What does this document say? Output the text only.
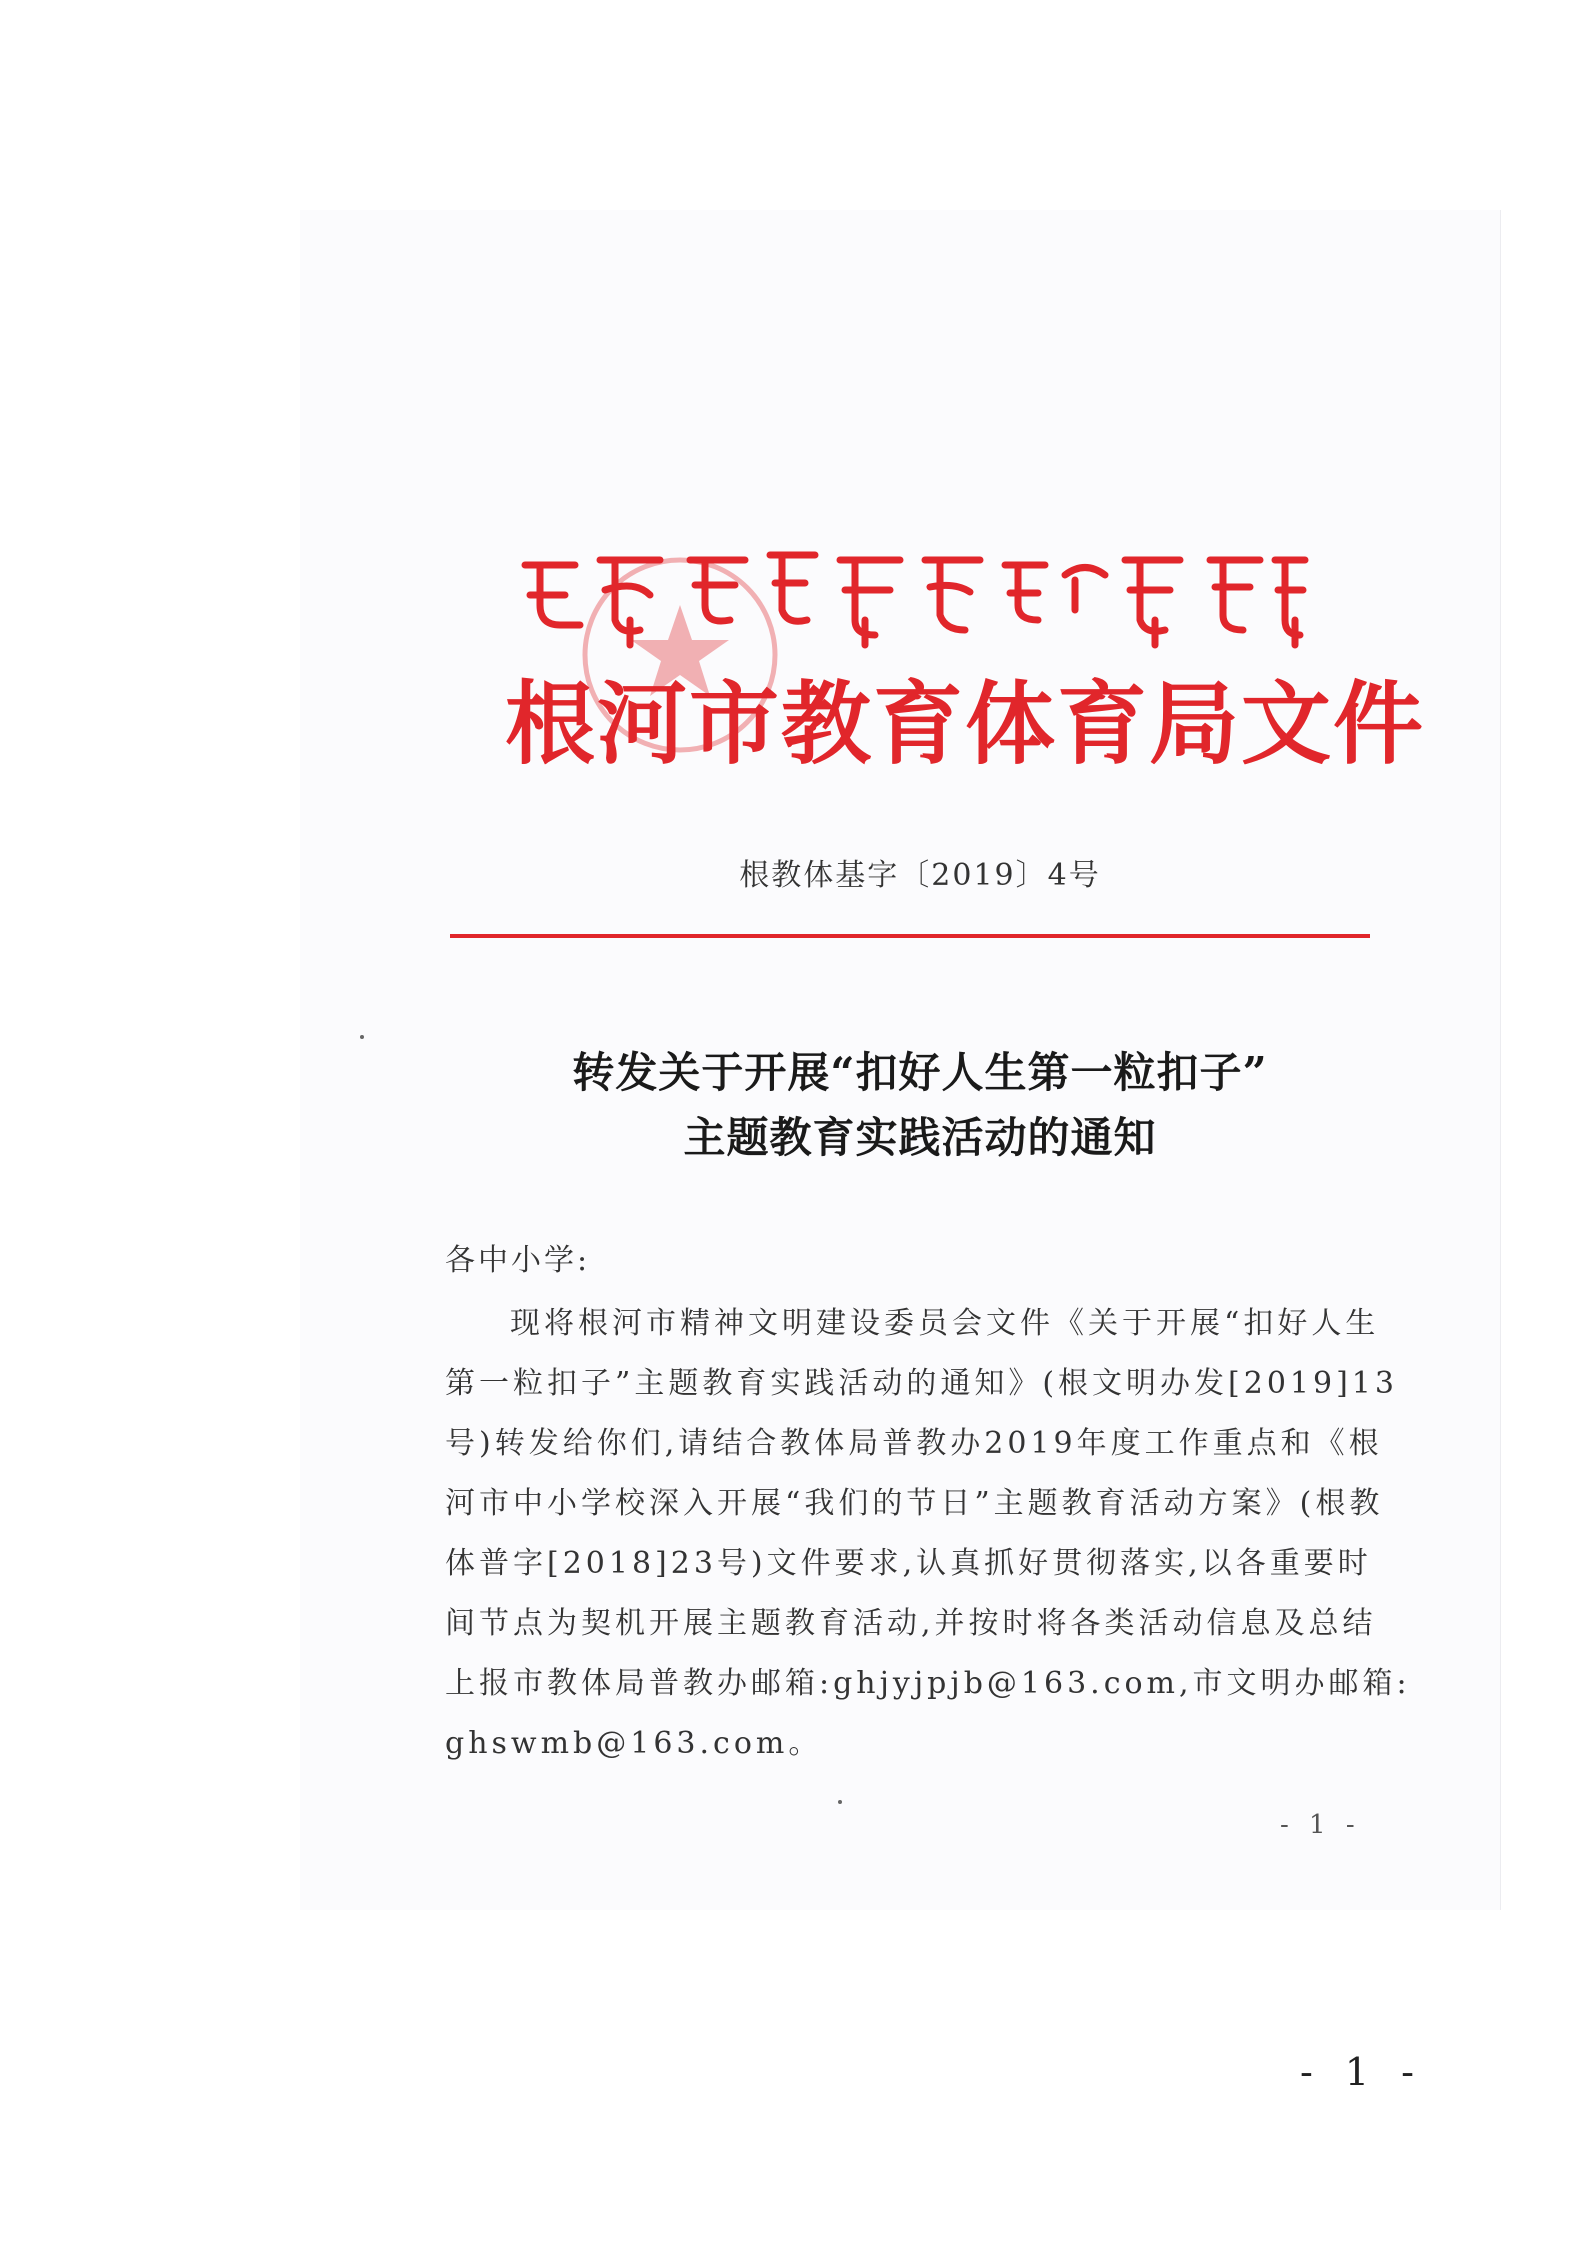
根河市教育体育局文件
根教体基字〔2019〕4号
转发关于开展“扣好人生第一粒扣子”
主题教育实践活动的通知
各中小学:
现将根河市精神文明建设委员会文件《关于开展“扣好人生
第一粒扣子”主题教育实践活动的通知》(根文明办发[2019]13
号)转发给你们,请结合教体局普教办2019年度工作重点和《根
河市中小学校深入开展“我们的节日”主题教育活动方案》(根教
体普字[2018]23号)文件要求,认真抓好贯彻落实,以各重要时
间节点为契机开展主题教育活动,并按时将各类活动信息及总结
上报市教体局普教办邮箱:ghjyjpjb@163.com,市文明办邮箱:
ghswmb@163.com。
- 1 -
- 1 -
